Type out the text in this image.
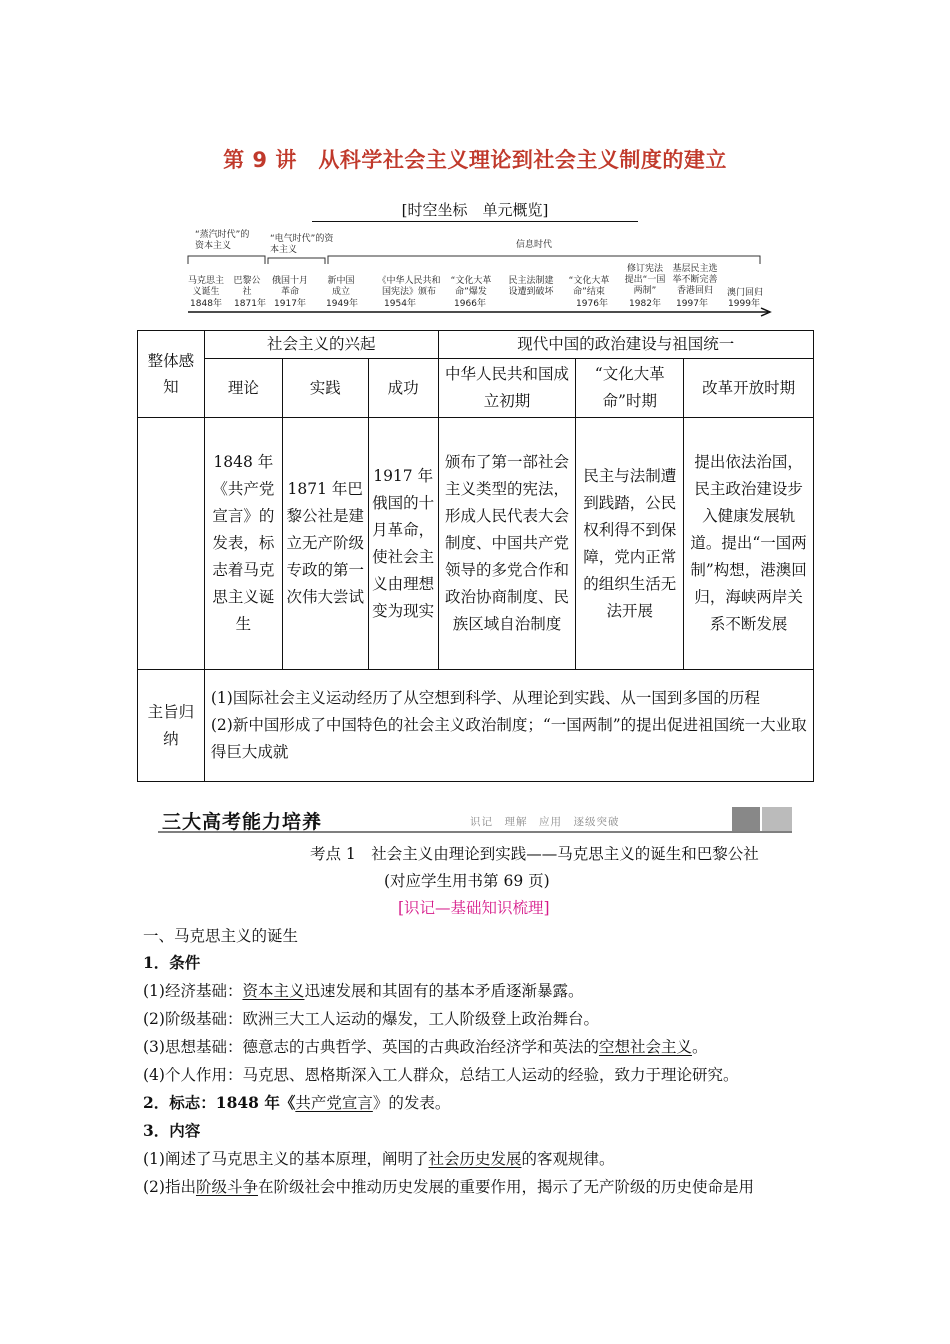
第 9 讲　从科学社会主义理论到社会主义制度的建立
[时空坐标　单元概览]
“蒸汽时代”的资本主义
“电气时代”的资本主义	信息时代
马克思主义诞生
巴黎公社
俄国十月革命
新中国成立
《中华人民共和国宪法》颁布
“文化大革命”爆发
民主法制建设遭到破坏
“文化大革命”结束
修订宪法 提出“一国两制”
基层民主选举不断完善 香港回归	澳门回归
1848年	1871年 1917年	1949年	1954年	1966年	1976年	1982年	1997年	1999年
整体感知	社会主义的兴起			现代中国的政治建设与祖国统一		
	理论	实践	成功	中华人民共和国成立初期	“文化大革命”时期	改革开放时期
	1848 年《共产党宣言》的发表，标志着马克思主义诞生	1871 年巴黎公社是建立无产阶级专政的第一次伟大尝试	1917 年俄国的十月革命，使社会主义由理想变为现实	颁布了第一部社会主义类型的宪法，形成人民代表大会制度、中国共产党领导的多党合作和政治协商制度、民族区域自治制度	民主与法制遭到践踏，公民权利得不到保障，党内正常的组织生活无法开展	提出依法治国，民主政治建设步入健康发展轨道。提出“一国两制”构想，港澳回归，海峡两岸关系不断发展
主旨归纳	(1)国际社会主义运动经历了从空想到科学、从理论到实践、从一国到多国的历程
(2)新中国形成了中国特色的社会主义政治制度；“一国两制”的提出促进祖国统一大业取得巨大成就					
三大高考能力培养	识记　理解　应用　逐级突破
考点 1　社会主义由理论到实践——马克思主义的诞生和巴黎公社
(对应学生用书第 69 页)
[识记—基础知识梳理]
一、马克思主义的诞生
1．条件
(1)经济基础：资本主义迅速发展和其固有的基本矛盾逐渐暴露。
(2)阶级基础：欧洲三大工人运动的爆发，工人阶级登上政治舞台。
(3)思想基础：德意志的古典哲学、英国的古典政治经济学和英法的空想社会主义。
(4)个人作用：马克思、恩格斯深入工人群众，总结工人运动的经验，致力于理论研究。
2．标志：1848 年《共产党宣言》的发表。
3．内容
(1)阐述了马克思主义的基本原理，阐明了社会历史发展的客观规律。
(2)指出阶级斗争在阶级社会中推动历史发展的重要作用，揭示了无产阶级的历史使命是用
